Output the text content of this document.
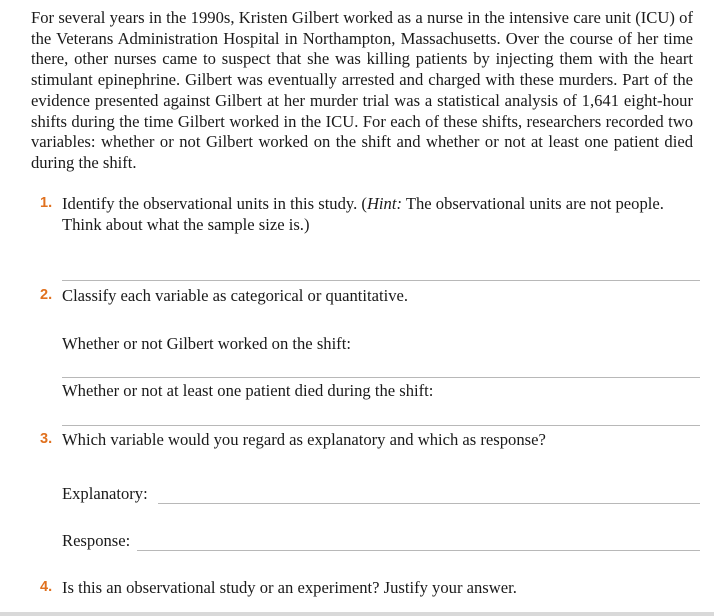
For several years in the 1990s, Kristen Gilbert worked as a nurse in the intensive care unit (ICU) of the Veterans Administration Hospital in Northampton, Massachusetts. Over the course of her time there, other nurses came to suspect that she was killing patients by injecting them with the heart stimulant epinephrine. Gilbert was eventually arrested and charged with these murders. Part of the evidence presented against Gilbert at her murder trial was a statistical analysis of 1,641 eight-hour shifts during the time Gilbert worked in the ICU. For each of these shifts, researchers recorded two variables: whether or not Gilbert worked on the shift and whether or not at least one patient died during the shift.

1. Identify the observational units in this study. (Hint: The observational units are not people. Think about what the sample size is.)
2. Classify each variable as categorical or quantitative.
Whether or not Gilbert worked on the shift:
Whether or not at least one patient died during the shift:
3. Which variable would you regard as explanatory and which as response?
Explanatory:
Response:
4. Is this an observational study or an experiment? Justify your answer.
